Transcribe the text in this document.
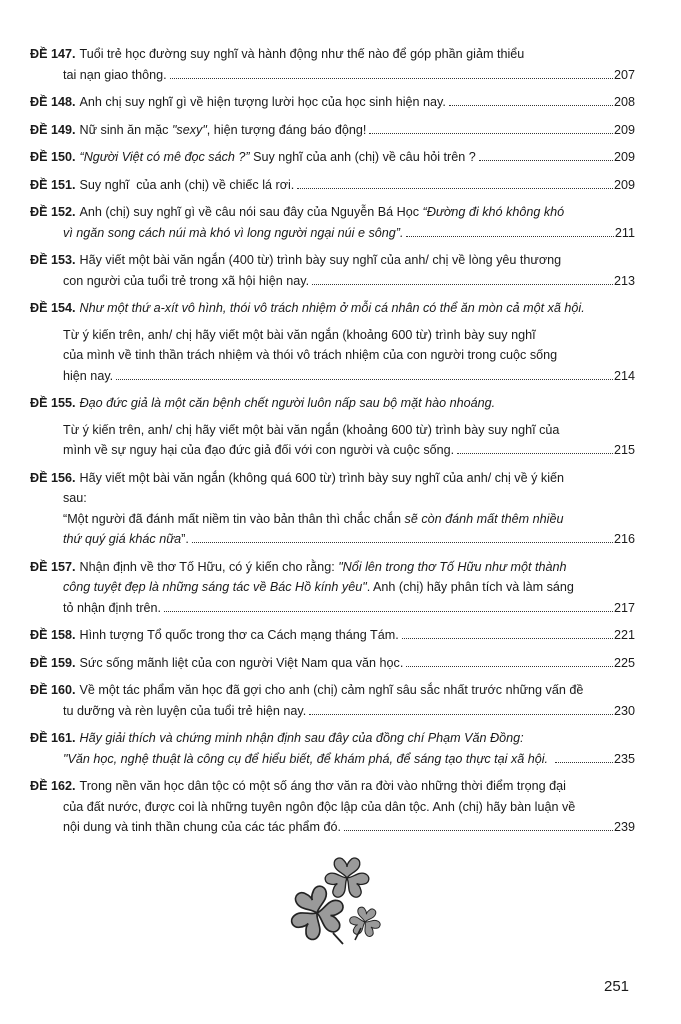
ĐỀ 147. Tuổi trẻ học đường suy nghĩ và hành động như thế nào để góp phần giảm thiểu
tai nạn giao thông.	207
ĐỀ 148. Anh chị suy nghĩ gì về hiện tượng lười học của học sinh hiện nay.	208
ĐỀ 149. Nữ sinh ăn mặc "sexy" , hiện tượng đáng báo động!	209
ĐỀ 150. “Người Việt có mê đọc sách ?” Suy nghĩ của anh (chị) về câu hỏi trên ?	209
ĐỀ 151. Suy nghĩ  của anh (chị) về chiếc lá rơi.	209
ĐỀ 152. Anh (chị) suy nghĩ gì về câu nói sau đây của Nguyễn Bá Học “Đường đi khó không khó
vì ngăn song cách núi mà khó vì long người ngại núi e sông”.	211
ĐỀ 153. Hãy viết một bài văn ngắn (400 từ) trình bày suy nghĩ của anh/ chị về lòng yêu thương
con người của tuổi trẻ trong xã hội hiện nay.	213
ĐỀ 154. Như một thứ a-xít vô hình, thói vô trách nhiệm ở mỗi cá nhân có thể ăn mòn cả một xã hội.
Từ ý kiến trên, anh/ chị hãy viết một bài văn ngắn (khoảng 600 từ) trình bày suy nghĩ
của mình về tinh thần trách nhiệm và thói vô trách nhiệm của con người trong cuộc sống
hiện nay.	214
ĐỀ 155. Đạo đức giả là một căn bệnh chết người luôn nấp sau bộ mặt hào nhoáng.
Từ ý kiến trên, anh/ chị hãy viết một bài văn ngắn (khoảng 600 từ) trình bày suy nghĩ của
mình về sự nguy hại của đạo đức giả đối với con người và cuộc sống.	215
ĐỀ 156. Hãy viết một bài văn ngắn (không quá 600 từ) trình bày suy nghĩ của anh/ chị về ý kiến
sau:
“Một người đã đánh mất niềm tin vào bản thân thì chắc chắn sẽ còn đánh mất thêm nhiều
thứ quý giá khác nữa ”.	216
ĐỀ 157. Nhận định về thơ Tố Hữu, có ý kiến cho rằng: "Nổi lên trong thơ Tố Hữu như một thành
công tuyệt đẹp là những sáng tác về Bác Hồ kính yêu" . Anh (chị) hãy phân tích và làm sáng
tỏ nhận định trên.	217
ĐỀ 158. Hình tượng Tổ quốc trong thơ ca Cách mạng tháng Tám.	221
ĐỀ 159. Sức sống mãnh liệt của con người Việt Nam qua văn học.	225
ĐỀ 160. Về một tác phẩm văn học đã gợi cho anh (chị) cảm nghĩ sâu sắc nhất trước những vấn đề
tu dưỡng và rèn luyện của tuổi trẻ hiện nay.	230
ĐỀ 161. Hãy giải thích và chứng minh nhận định sau đây của đồng chí Phạm Văn Đồng:
"Văn học, nghệ thuật là công cụ để hiểu biết, để khám phá, để sáng tạo thực tại xã hội.	235
ĐỀ 162. Trong nền văn học dân tộc có một số áng thơ văn ra đời vào những thời điểm trọng đại
của đất nước, được coi là những tuyên ngôn độc lập của dân tộc. Anh (chị) hãy bàn luận về
nội dung và tinh thần chung của các tác phẩm đó.	239
251
